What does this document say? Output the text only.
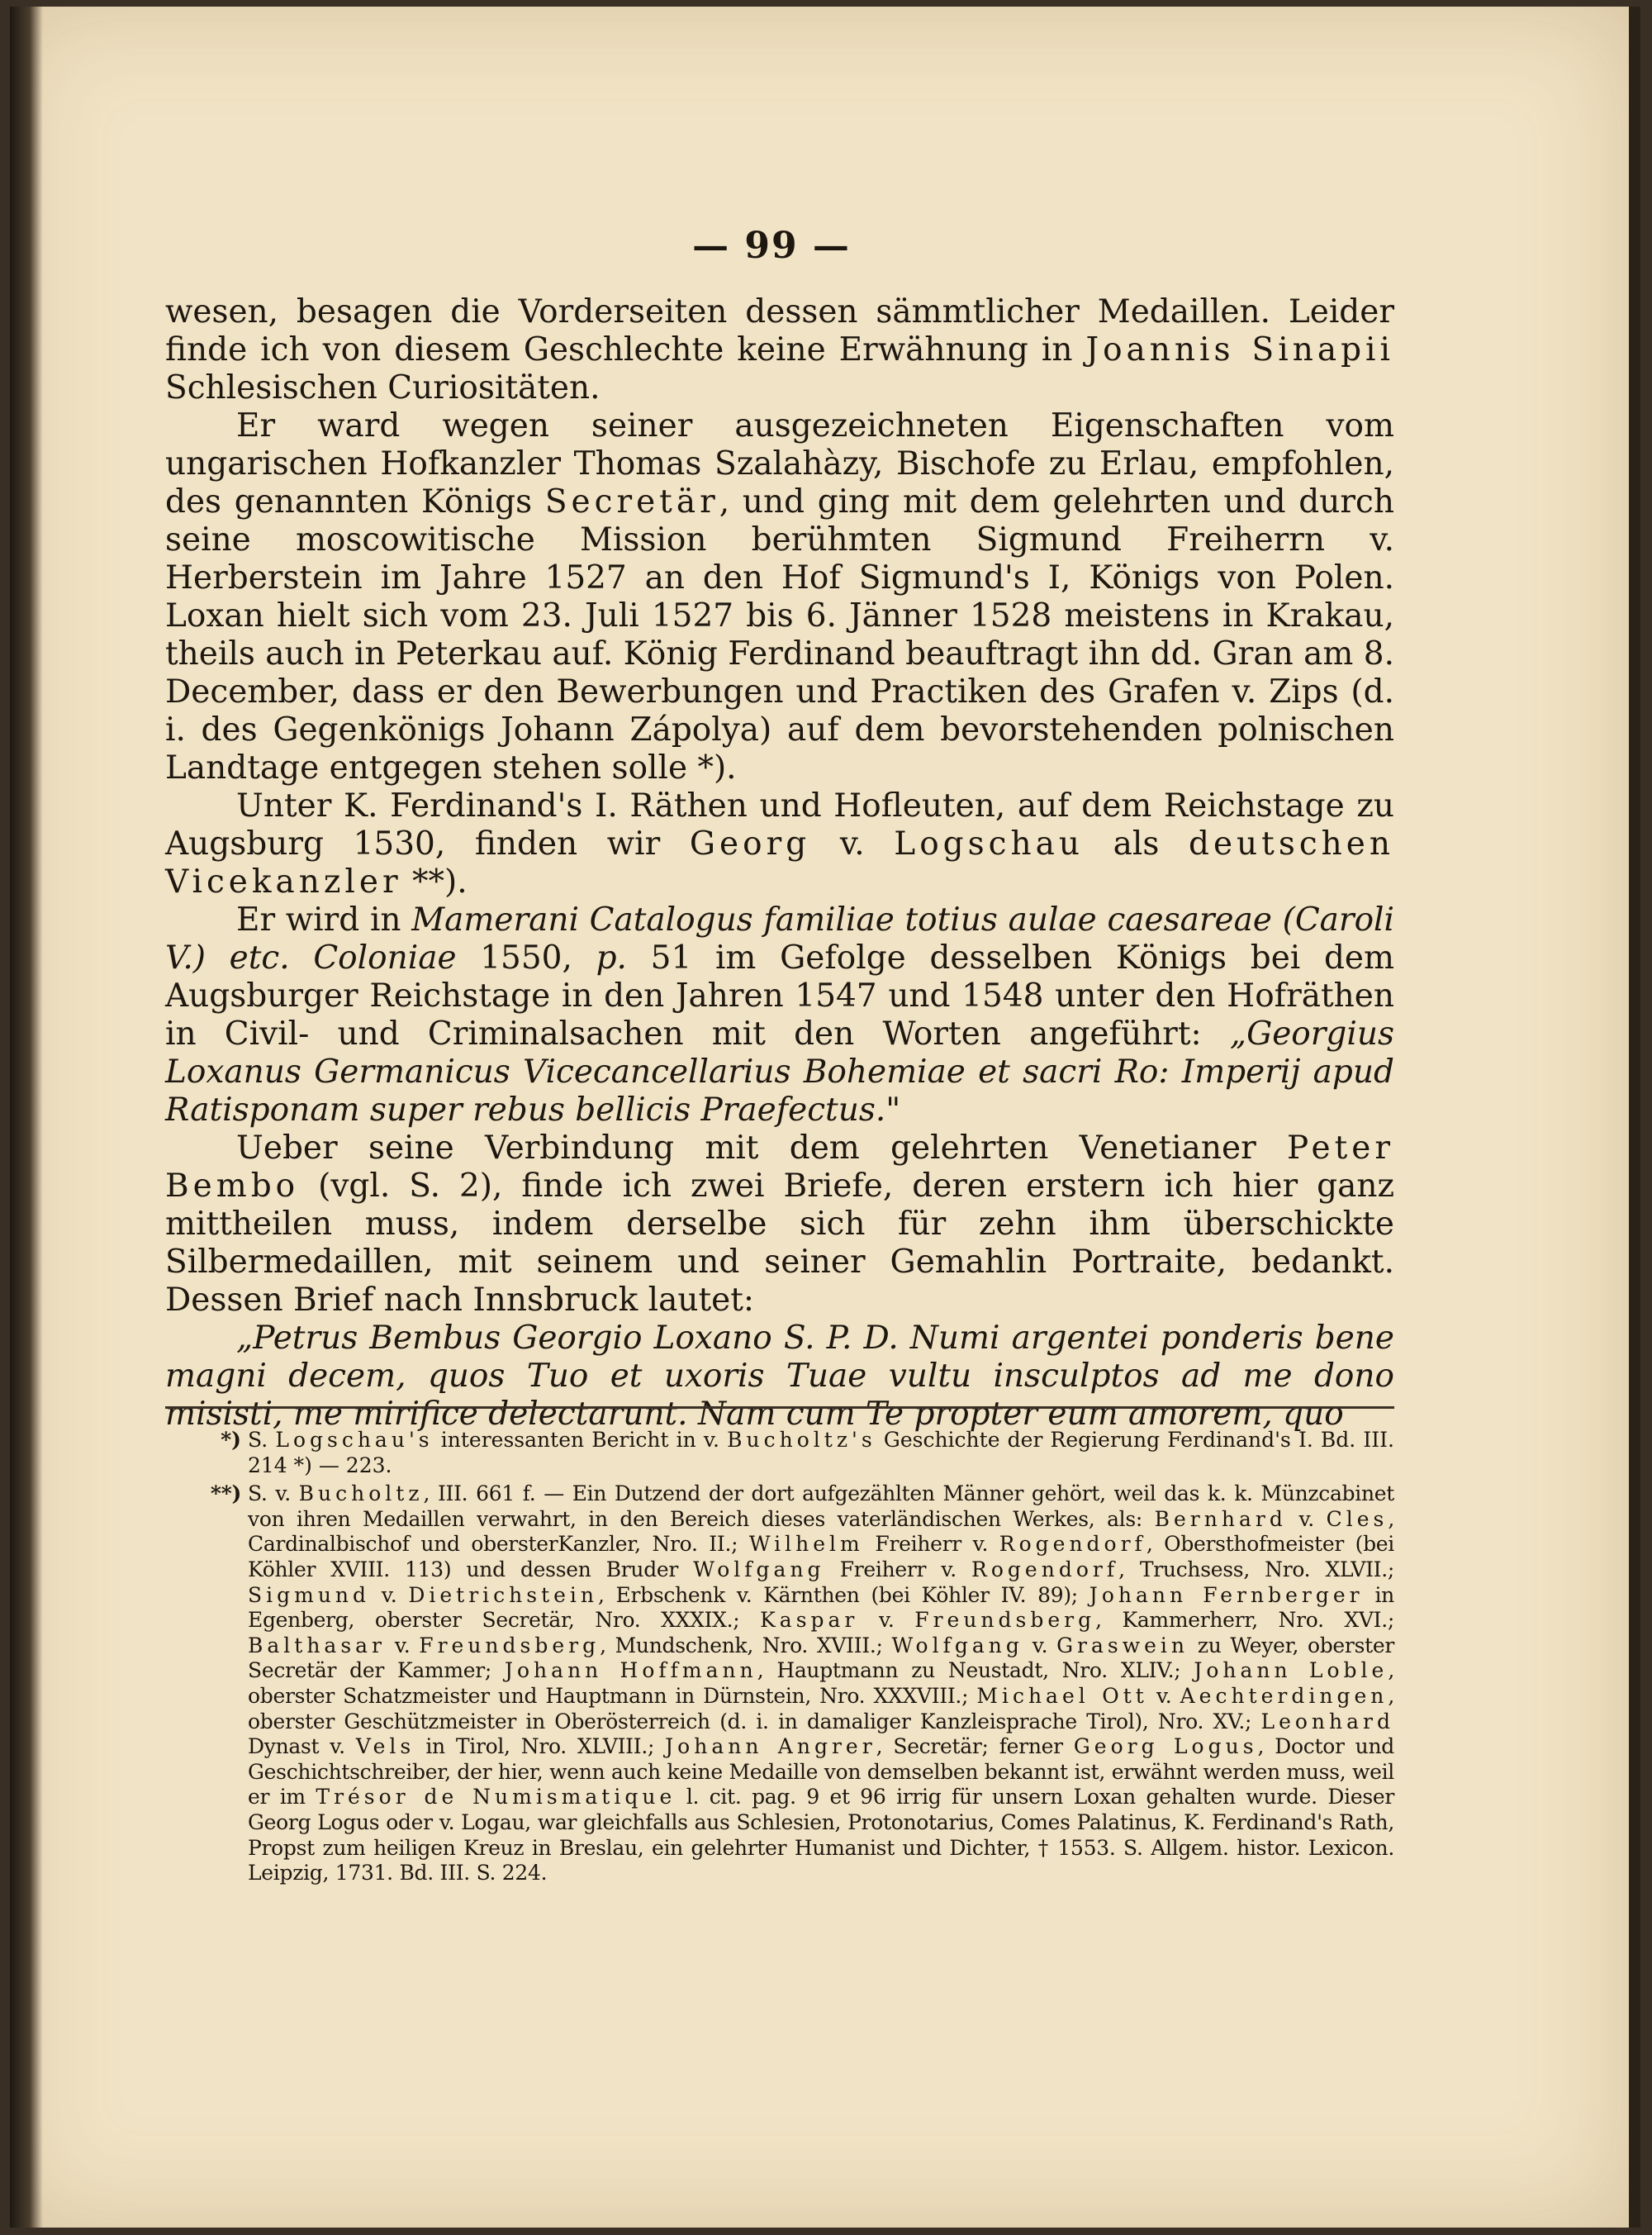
— 99 —

wesen, besagen die Vorderseiten dessen sämmtlicher Medaillen. Leider finde ich von diesem Geschlechte keine Erwähnung in Joannis Sinapii Schlesischen Curiositäten.

Er ward wegen seiner ausgezeichneten Eigenschaften vom ungarischen Hofkanzler Thomas Szalahàzy, Bischofe zu Erlau, empfohlen, des genannten Königs Secretär, und ging mit dem gelehrten und durch seine moscowitische Mission berühmten Sigmund Freiherrn v. Herberstein im Jahre 1527 an den Hof Sigmund's I, Königs von Polen. Loxan hielt sich vom 23. Juli 1527 bis 6. Jänner 1528 meistens in Krakau, theils auch in Peterkau auf. König Ferdinand beauftragt ihn dd. Gran am 8. December, dass er den Bewerbungen und Practiken des Grafen v. Zips (d. i. des Gegenkönigs Johann Zápolya) auf dem bevorstehenden polnischen Landtage entgegen stehen solle *).

Unter K. Ferdinand's I. Räthen und Hofleuten, auf dem Reichstage zu Augsburg 1530, finden wir Georg v. Logschau als deutschen Vicekanzler **).

Er wird in Mamerani Catalogus familiae totius aulae caesareae (Caroli V.) etc. Coloniae 1550, p. 51 im Gefolge desselben Königs bei dem Augsburger Reichstage in den Jahren 1547 und 1548 unter den Hofräthen in Civil- und Criminalsachen mit den Worten angeführt: „Georgius Loxanus Germanicus Vicecancellarius Bohemiae et sacri Ro: Imperij apud Ratisponam super rebus bellicis Praefectus."

Ueber seine Verbindung mit dem gelehrten Venetianer Peter Bembo (vgl. S. 2), finde ich zwei Briefe, deren erstern ich hier ganz mittheilen muss, indem derselbe sich für zehn ihm überschickte Silbermedaillen, mit seinem und seiner Gemahlin Portraite, bedankt. Dessen Brief nach Innsbruck lautet:

„Petrus Bembus Georgio Loxano S. P. D. Numi argentei ponderis bene magni decem, quos Tuo et uxoris Tuae vultu insculptos ad me dono misisti, me mirifice delectarunt. Nam cum Te propter eum amorem, quo

*) S. Logschau's interessanten Bericht in v. Bucholtz's Geschichte der Regierung Ferdinand's I. Bd. III. 214 *) — 223.
**) S. v. Bucholtz, III. 661 f. — Ein Dutzend der dort aufgezählten Männer gehört, weil das k. k. Münzcabinet von ihren Medaillen verwahrt, in den Bereich dieses vaterländischen Werkes, als: Bernhard v. Cles, Cardinalbischof und obersterKanzler, Nro. II.; Wilhelm Freiherr v. Rogendorf, Obersthofmeister (bei Köhler XVIII. 113) und dessen Bruder Wolfgang Freiherr v. Rogendorf, Truchsess, Nro. XLVII.; Sigmund v. Dietrichstein, Erbschenk v. Kärnthen (bei Köhler IV. 89); Johann Fernberger in Egenberg, oberster Secretär, Nro. XXXIX.; Kaspar v. Freundsberg, Kammerherr, Nro. XVI.; Balthasar v. Freundsberg, Mundschenk, Nro. XVIII.; Wolfgang v. Graswein zu Weyer, oberster Secretär der Kammer; Johann Hoffmann, Hauptmann zu Neustadt, Nro. XLIV.; Johann Loble, oberster Schatzmeister und Hauptmann in Dürnstein, Nro. XXXVIII.; Michael Ott v. Aechterdingen, oberster Geschützmeister in Oberösterreich (d. i. in damaliger Kanzleisprache Tirol), Nro. XV.; Leonhard Dynast v. Vels in Tirol, Nro. XLVIII.; Johann Angrer, Secretär; ferner Georg Logus, Doctor und Geschichtschreiber, der hier, wenn auch keine Medaille von demselben bekannt ist, erwähnt werden muss, weil er im Trésor de Numismatique l. cit. pag. 9 et 96 irrig für unsern Loxan gehalten wurde. Dieser Georg Logus oder v. Logau, war gleichfalls aus Schlesien, Protonotarius, Comes Palatinus, K. Ferdinand's Rath, Propst zum heiligen Kreuz in Breslau, ein gelehrter Humanist und Dichter, † 1553. S. Allgem. histor. Lexicon. Leipzig, 1731. Bd. III. S. 224.
